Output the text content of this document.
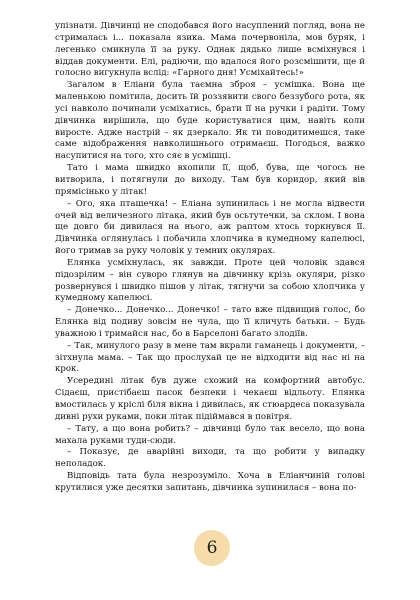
упізнати. Дівчинці не сподобався його насуплений погляд, вона не стрималась і... показала язика. Мама почервоніла, мов буряк, і легенько смикнула її за руку. Однак дядько лише всміхнувся і віддав документи. Елі, радіючи, що вдалося його розсмішити, ще й голосно вигукнула вслід: «Гарного дня! Усміхайтесь!»

Загалом в Еліани була таємна зброя – усмішка. Вона ще маленькою помітила, досить їй роззявити свого беззубого рота, як усі навколо починали усміхатись, брати її на ручки і радіти. Тому дівчинка вирішила, що буде користуватися цим, навіть коли виросте. Адже настрій – як дзеркало. Як ти поводитимешся, таке саме відображення навколишнього отримаєш. Погодься, важко насупитися на того, хто сяє в усмішці.

Тато і мама швидко вхопили її, щоб, бува, ще чогось не витворила, і потягнули до виходу. Там був коридор, який вів прямісінько у літак!

– Ого, яка пташечка! – Еліана зупинилась і не могла відвести очей від величезного літака, який був осьтутечки, за склом. І вона ще довго би дивилася на нього, аж раптом хтось торкнувся її. Дівчинка оглянулась і побачила хлопчика в кумедному капелюсі, його тримав за руку чоловік у темних окулярах.

Елянка усміхнулась, як завжди. Проте цей чоловік здався підозрілим – він суворо глянув на дівчинку крізь окуляри, різко розвернувся і швидко пішов у літак, тягнучи за собою хлопчика у кумедному капелюсі.

– Донечко... Донечко... Донечко! – тато вже підвищив голос, бо Елянка від подиву зовсім не чула, що її кличуть батьки. – Будь уважною і тримайся нас, бо в Барселоні багато злодіїв.

– Так, минулого разу в мене там вкрали гаманець і документи, – зітхнула мама. – Так що прослухай це не відходити від нас ні на крок.

Усередині літак був дуже схожий на комфортний автобус. Сідаєш, пристібаєш пасок безпеки і чекаєш відльоту. Елянка вмостилась у кріслі біля вікна і дивилась, як стюардеса показувала дивні рухи руками, поки літак підіймався в повітря.

– Тату, а що вона робить? – дівчинці було так весело, що вона махала руками туди-сюди.

– Показує, де аварійні виходи, та що робити у випадку неполадок.

Відповідь тата була незрозуміло. Хоча в Еліанчиній голові крутилися уже десятки запитань, дівчинка зупинилася – вона по-

6
